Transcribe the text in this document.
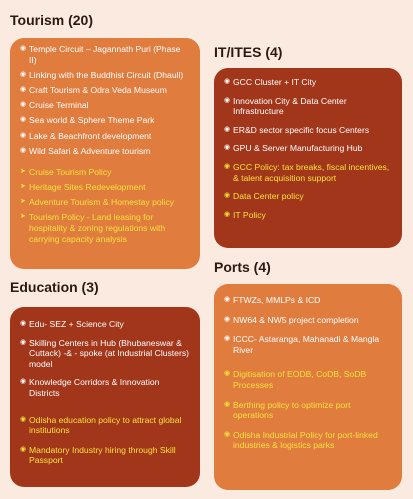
Tourism (20)
◉ Temple Circuit – Jagannath Puri (Phase II)
◉ Linking with the Buddhist Circuit (Dhauli)
◉ Craft Tourism & Odra Veda Museum
◉ Cruise Terminal
◉ Sea world & Sphere Theme Park
◉ Lake & Beachfront development
◉ Wild Safari & Adventure tourism
➤ Cruise Tourism Policy
➤ Heritage Sites Redevelopment
➤ Adventure Tourism & Homestay policy
➤ Tourism Policy - Land leasing for hospitality & zoning regulations with carrying capacity analysis
IT/ITES (4)
◉ GCC Cluster + IT City
◉ Innovation City & Data Center Infrastructure
◉ ER&D sector specific focus Centers
◉ GPU & Server Manufacturing Hub
◉ GCC Policy: tax breaks, fiscal incentives, & talent acquisition support
◉ Data Center policy
◉ IT Policy
Ports (4)
◉ FTWZs, MMLPs & ICD
◉ NW64 & NW5 project completion
◉ ICCC- Astaranga, Mahanadi & Mangla River
◉ Digitisation of EODB, CoDB, SoDB Processes
◉ Berthing policy to optimize port operations
◉ Odisha Industrial Policy for port-linked industries & logistics parks
Education (3)
◉ Edu- SEZ + Science City
◉ Skilling Centers in Hub (Bhubaneswar & Cuttack) -& - spoke (at Industrial Clusters) model
◉ Knowledge Corridors & Innovation Districts
◉ Odisha education policy to attract global institutions
◉ Mandatory Industry hiring through Skill Passport
